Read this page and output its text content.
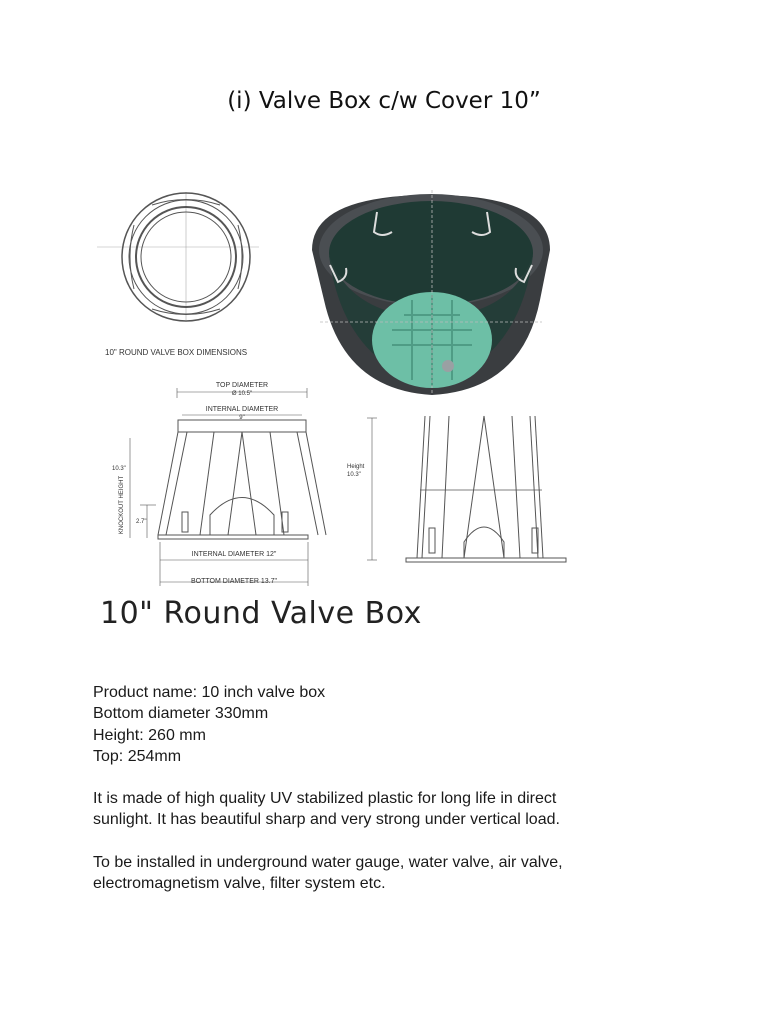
(i) Valve Box c/w Cover 10”
10" ROUND VALVE BOX DIMENSIONS
TOP DIAMETER
Ø 10.5"
INTERNAL DIAMETER
9"
INTERNAL DIAMETER 12"
BOTTOM DIAMETER 13.7"
10.3"
2.7"
KNOCKOUT HEIGHT
Height
10.3"
10" Round Valve Box
Product name: 10 inch valve box
Bottom diameter 330mm
Height: 260 mm
Top: 254mm
It is made of high quality UV stabilized plastic for long life in direct
sunlight. It has beautiful sharp and very strong under vertical load.
To be installed in underground water gauge, water valve, air valve,
electromagnetism valve, filter system etc.
